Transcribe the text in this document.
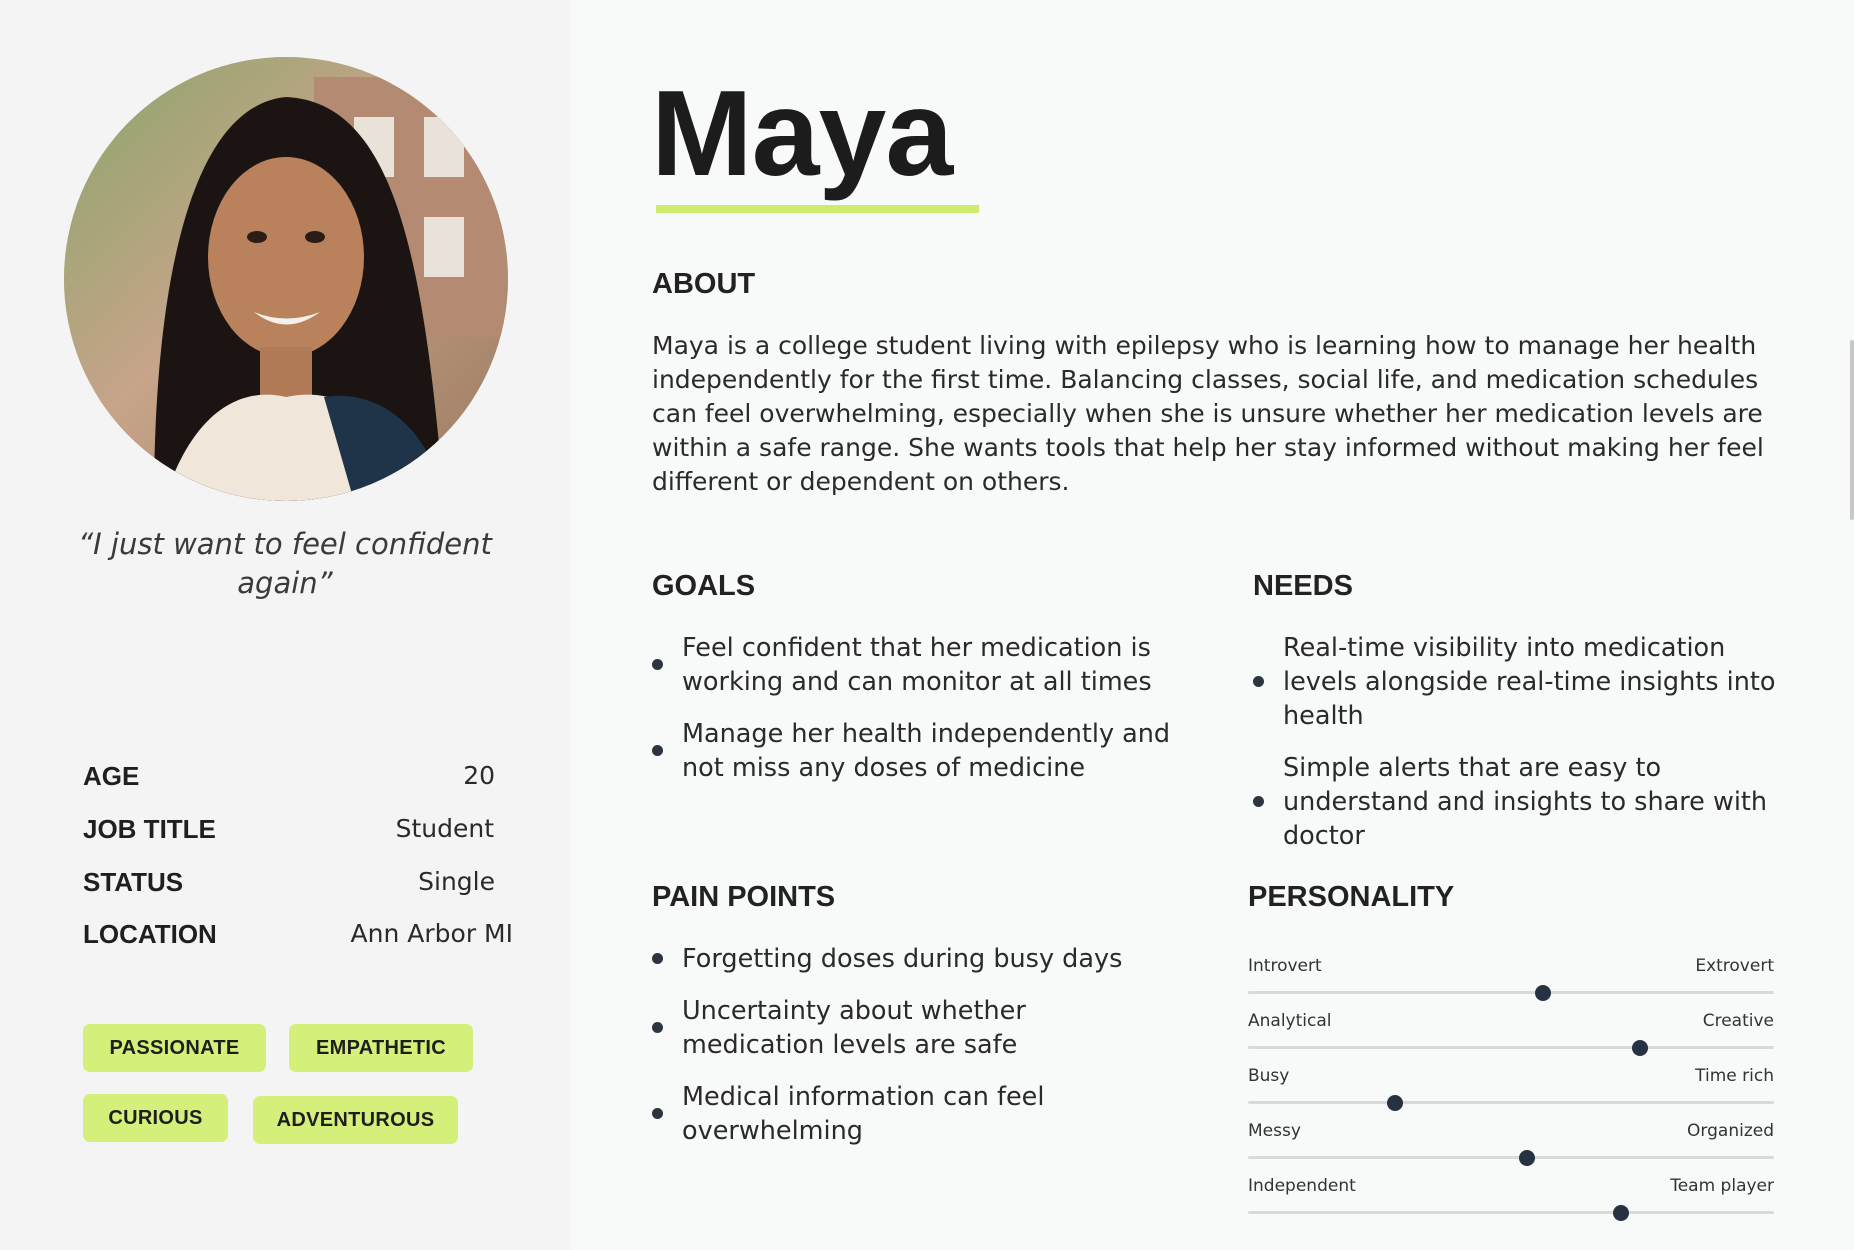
“I just want to feel confident again”
AGE	20
JOB TITLE	Student
STATUS	Single
LOCATION	Ann Arbor MI
PASSIONATE	EMPATHETIC
CURIOUS	ADVENTUROUS
Maya
ABOUT
Maya is a college student living with epilepsy who is learning how to manage her health independently for the first time. Balancing classes, social life, and medication schedules can feel overwhelming, especially when she is unsure whether her medication levels are within a safe range. She wants tools that help her stay informed without making her feel different or dependent on others.
GOALS
Feel confident that her medication is working and can monitor at all times
Manage her health independently and not miss any doses of medicine
NEEDS
Real-time visibility into medication levels alongside real-time insights into health
Simple alerts that are easy to understand and insights to share with doctor
PAIN POINTS
Forgetting doses during busy days
Uncertainty about whether medication levels are safe
Medical information can feel overwhelming
PERSONALITY
Introvert	Extrovert
Analytical	Creative
Busy	Time rich
Messy	Organized
Independent	Team player
